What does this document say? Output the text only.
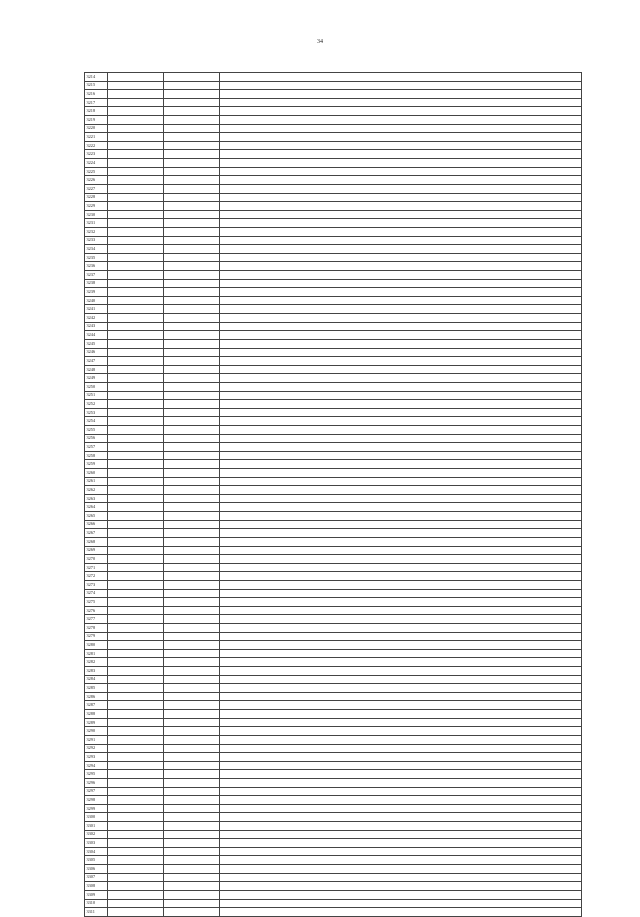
34
3214			
3215			
3216			
3217			
3218			
3219			
3220			
3221			
3222			
3223			
3224			
3225			
3226			
3227			
3228			
3229			
3230			
3231			
3232			
3233			
3234			
3235			
3236			
3237			
3238			
3239			
3240			
3241			
3242			
3243			
3244			
3245			
3246			
3247			
3248			
3249			
3250			
3251			
3252			
3253			
3254			
3255			
3256			
3257			
3258			
3259			
3260			
3261			
3262			
3263			
3264			
3265			
3266			
3267			
3268			
3269			
3270			
3271			
3272			
3273			
3274			
3275			
3276			
3277			
3278			
3279			
3280			
3281			
3282			
3283			
3284			
3285			
3286			
3287			
3288			
3289			
3290			
3291			
3292			
3293			
3294			
3295			
3296			
3297			
3298			
3299			
3300			
3301			
3302			
3303			
3304			
3305			
3306			
3307			
3308			
3309			
3310			
3311			
